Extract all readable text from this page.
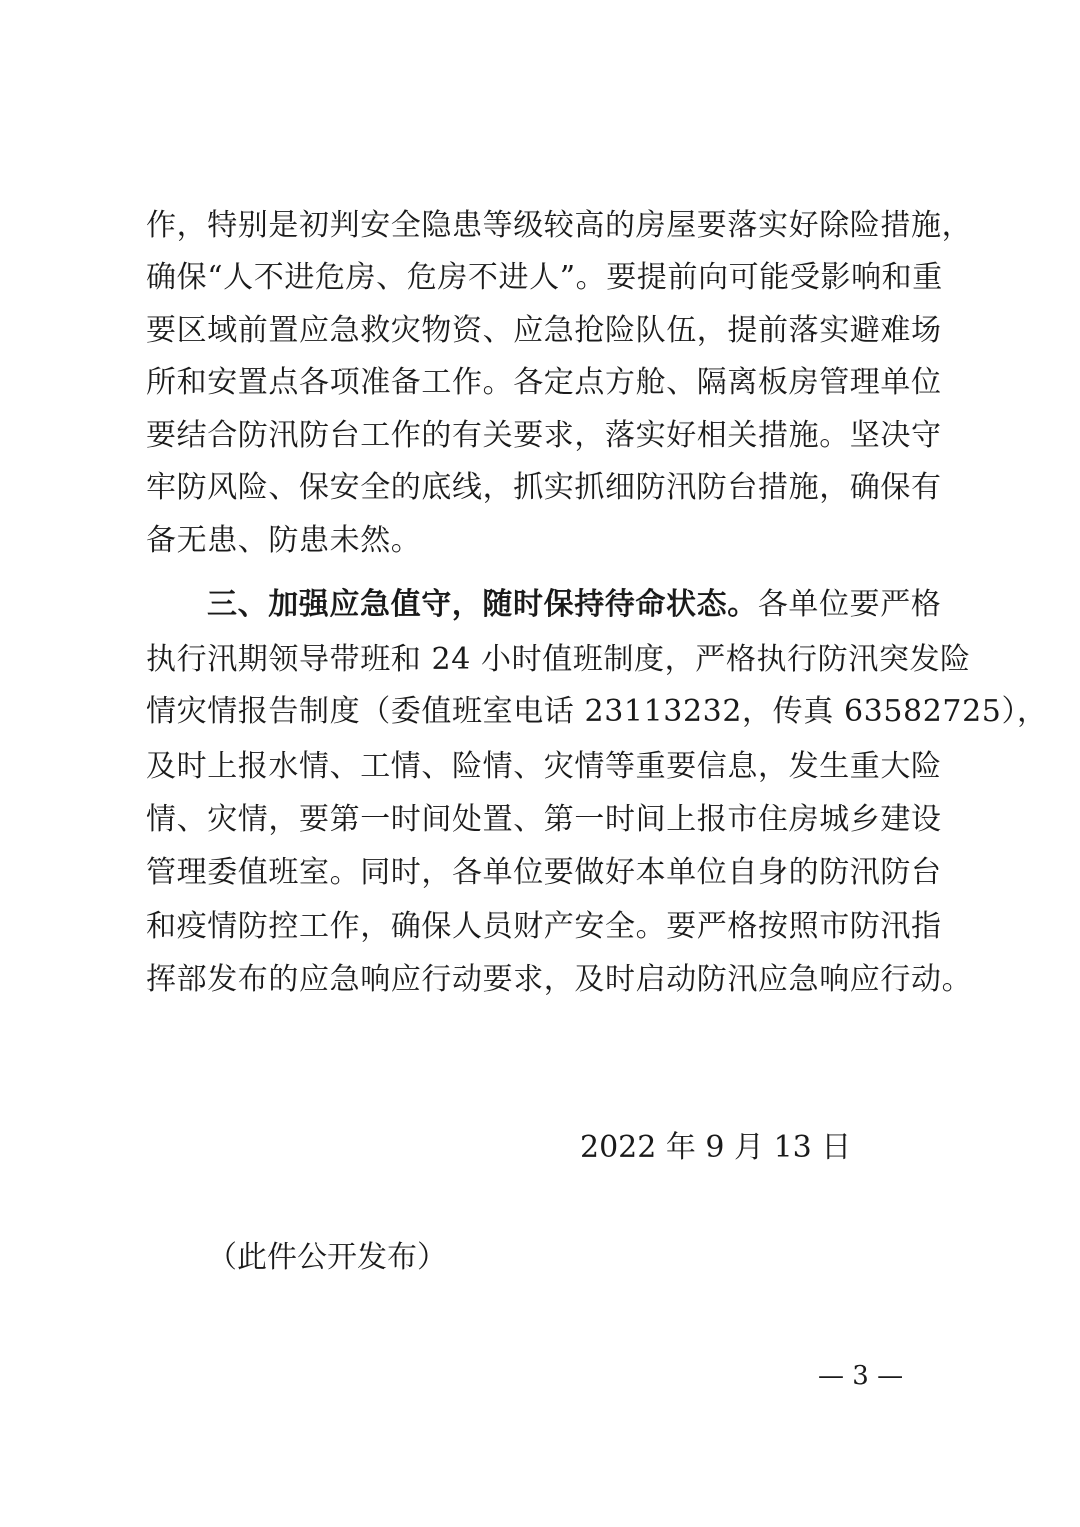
作，特别是初判安全隐患等级较高的房屋要落实好除险措施，
确保“人不进危房、危房不进人”。要提前向可能受影响和重
要区域前置应急救灾物资、应急抢险队伍，提前落实避难场
所和安置点各项准备工作。各定点方舱、隔离板房管理单位
要结合防汛防台工作的有关要求，落实好相关措施。坚决守
牢防风险、保安全的底线，抓实抓细防汛防台措施，确保有
备无患、防患未然。
三、加强应急值守，随时保持待命状态。各单位要严格
执行汛期领导带班和 24 小时值班制度，严格执行防汛突发险
情灾情报告制度（委值班室电话 23113232，传真 63582725），
及时上报水情、工情、险情、灾情等重要信息，发生重大险
情、灾情，要第一时间处置、第一时间上报市住房城乡建设
管理委值班室。同时，各单位要做好本单位自身的防汛防台
和疫情防控工作，确保人员财产安全。要严格按照市防汛指
挥部发布的应急响应行动要求，及时启动防汛应急响应行动。
2022 年 9 月 13 日
（此件公开发布）
— 3 —
